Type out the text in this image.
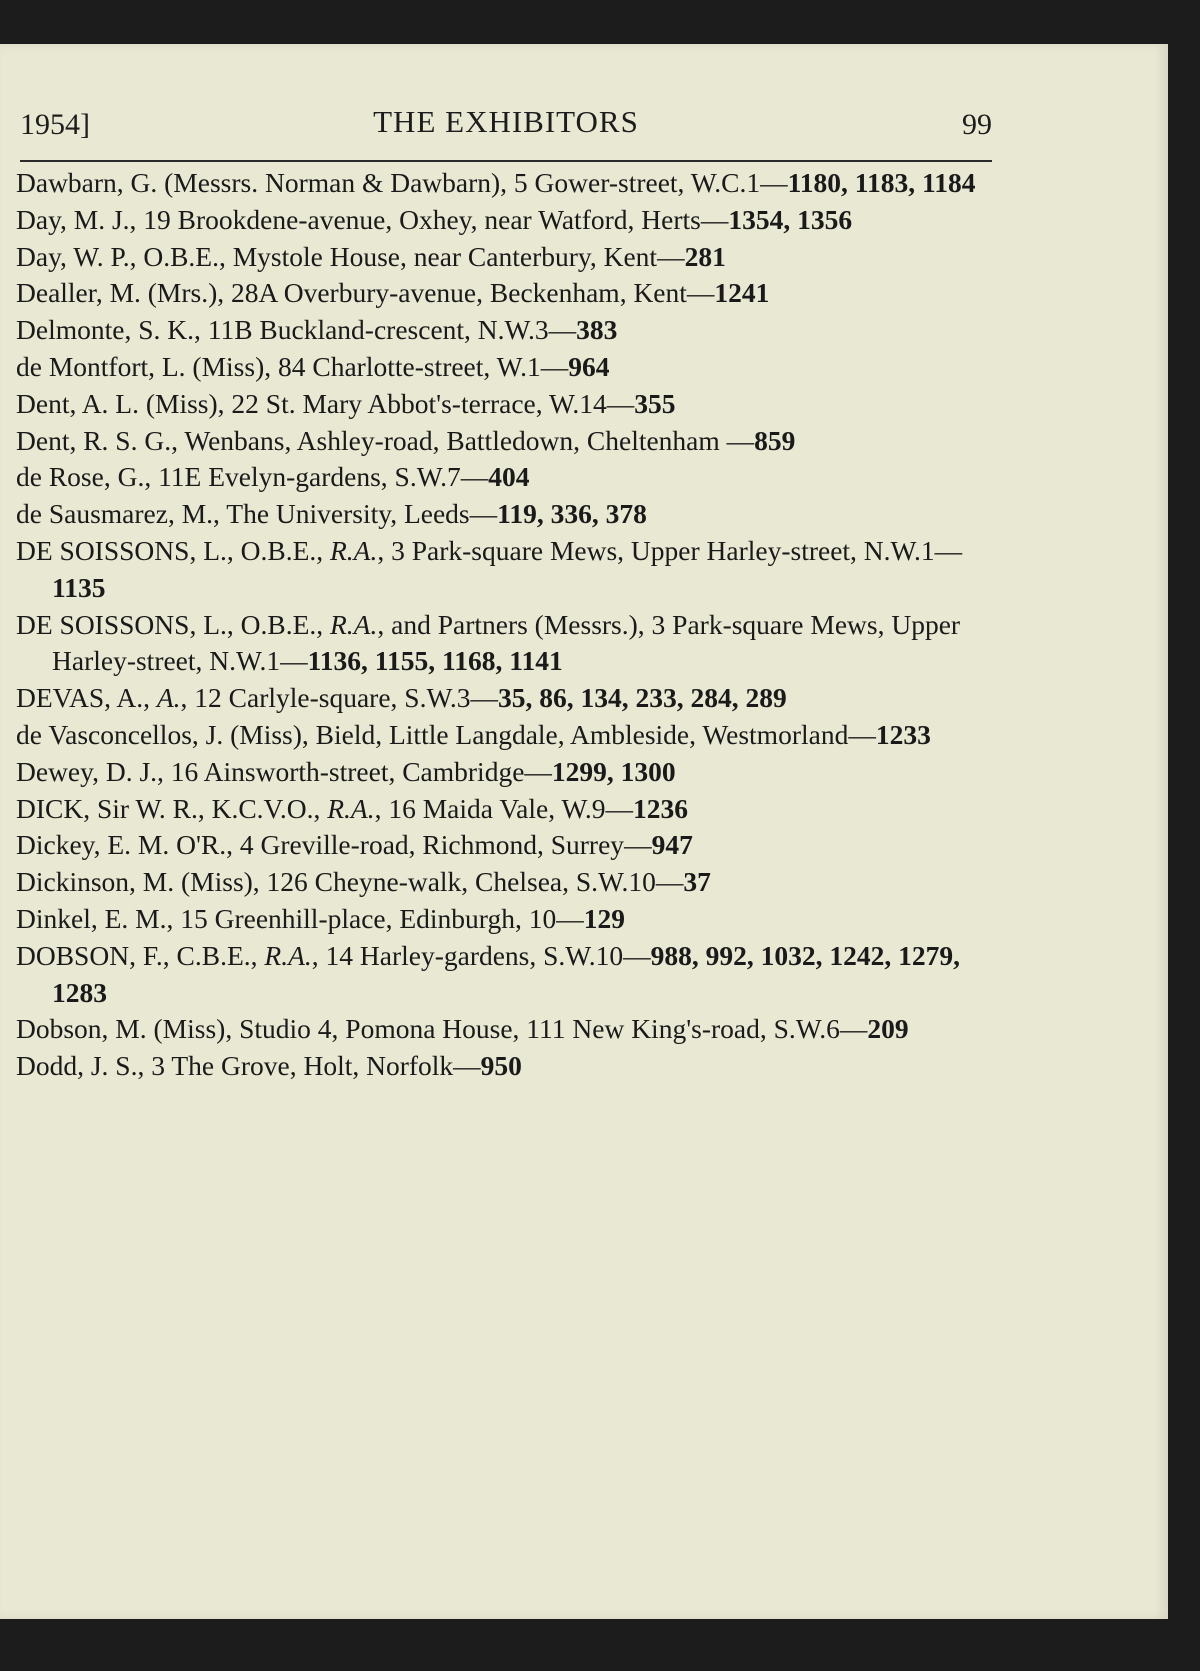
1954]	THE EXHIBITORS	99
Dawbarn, G. (Messrs. Norman & Dawbarn), 5 Gower-street, W.C.1—1180, 1183, 1184
Day, M. J., 19 Brookdene-avenue, Oxhey, near Watford, Herts—1354, 1356
Day, W. P., O.B.E., Mystole House, near Canterbury, Kent—281
Dealler, M. (Mrs.), 28A Overbury-avenue, Beckenham, Kent—1241
Delmonte, S. K., 11B Buckland-crescent, N.W.3—383
de Montfort, L. (Miss), 84 Charlotte-street, W.1—964
Dent, A. L. (Miss), 22 St. Mary Abbot's-terrace, W.14—355
Dent, R. S. G., Wenbans, Ashley-road, Battledown, Cheltenham —859
de Rose, G., 11E Evelyn-gardens, S.W.7—404
de Sausmarez, M., The University, Leeds—119, 336, 378
DE SOISSONS, L., O.B.E., R.A., 3 Park-square Mews, Upper Harley-street, N.W.1—1135
DE SOISSONS, L., O.B.E., R.A., and Partners (Messrs.), 3 Park-square Mews, Upper Harley-street, N.W.1—1136, 1155, 1168, 1141
DEVAS, A., A., 12 Carlyle-square, S.W.3—35, 86, 134, 233, 284, 289
de Vasconcellos, J. (Miss), Bield, Little Langdale, Ambleside, Westmorland—1233
Dewey, D. J., 16 Ainsworth-street, Cambridge—1299, 1300
DICK, Sir W. R., K.C.V.O., R.A., 16 Maida Vale, W.9—1236
Dickey, E. M. O'R., 4 Greville-road, Richmond, Surrey—947
Dickinson, M. (Miss), 126 Cheyne-walk, Chelsea, S.W.10—37
Dinkel, E. M., 15 Greenhill-place, Edinburgh, 10—129
DOBSON, F., C.B.E., R.A., 14 Harley-gardens, S.W.10—988, 992, 1032, 1242, 1279, 1283
Dobson, M. (Miss), Studio 4, Pomona House, 111 New King's-road, S.W.6—209
Dodd, J. S., 3 The Grove, Holt, Norfolk—950
